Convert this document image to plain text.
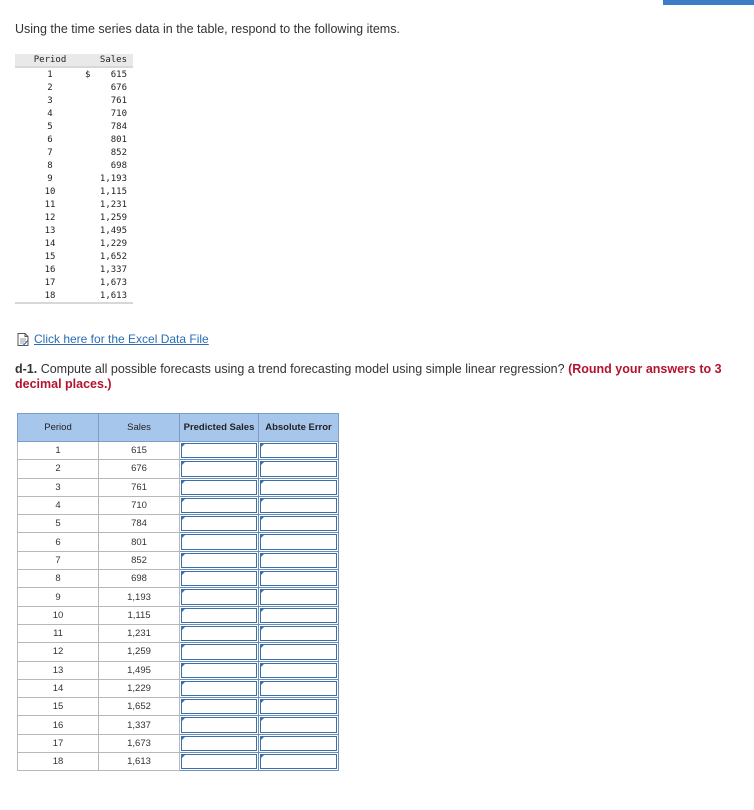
Using the time series data in the table, respond to the following items.
Period	Sales
1	$ 615
2	676
3	761
4	710
5	784
6	801
7	852
8	698
9	1,193
10	1,115
11	1,231
12	1,259
13	1,495
14	1,229
15	1,652
16	1,337
17	1,673
18	1,613
Click here for the Excel Data File
d-1. Compute all possible forecasts using a trend forecasting model using simple linear regression? (Round your answers to 3 decimal places.)
Period	Sales	Predicted Sales	Absolute Error
1	615	

2	676	

3	761	

4	710	

5	784	

6	801	

7	852	

8	698	

9	1,193	

10	1,115	

11	1,231	

12	1,259	

13	1,495	

14	1,229	

15	1,652	

16	1,337	

17	1,673	

18	1,613	
